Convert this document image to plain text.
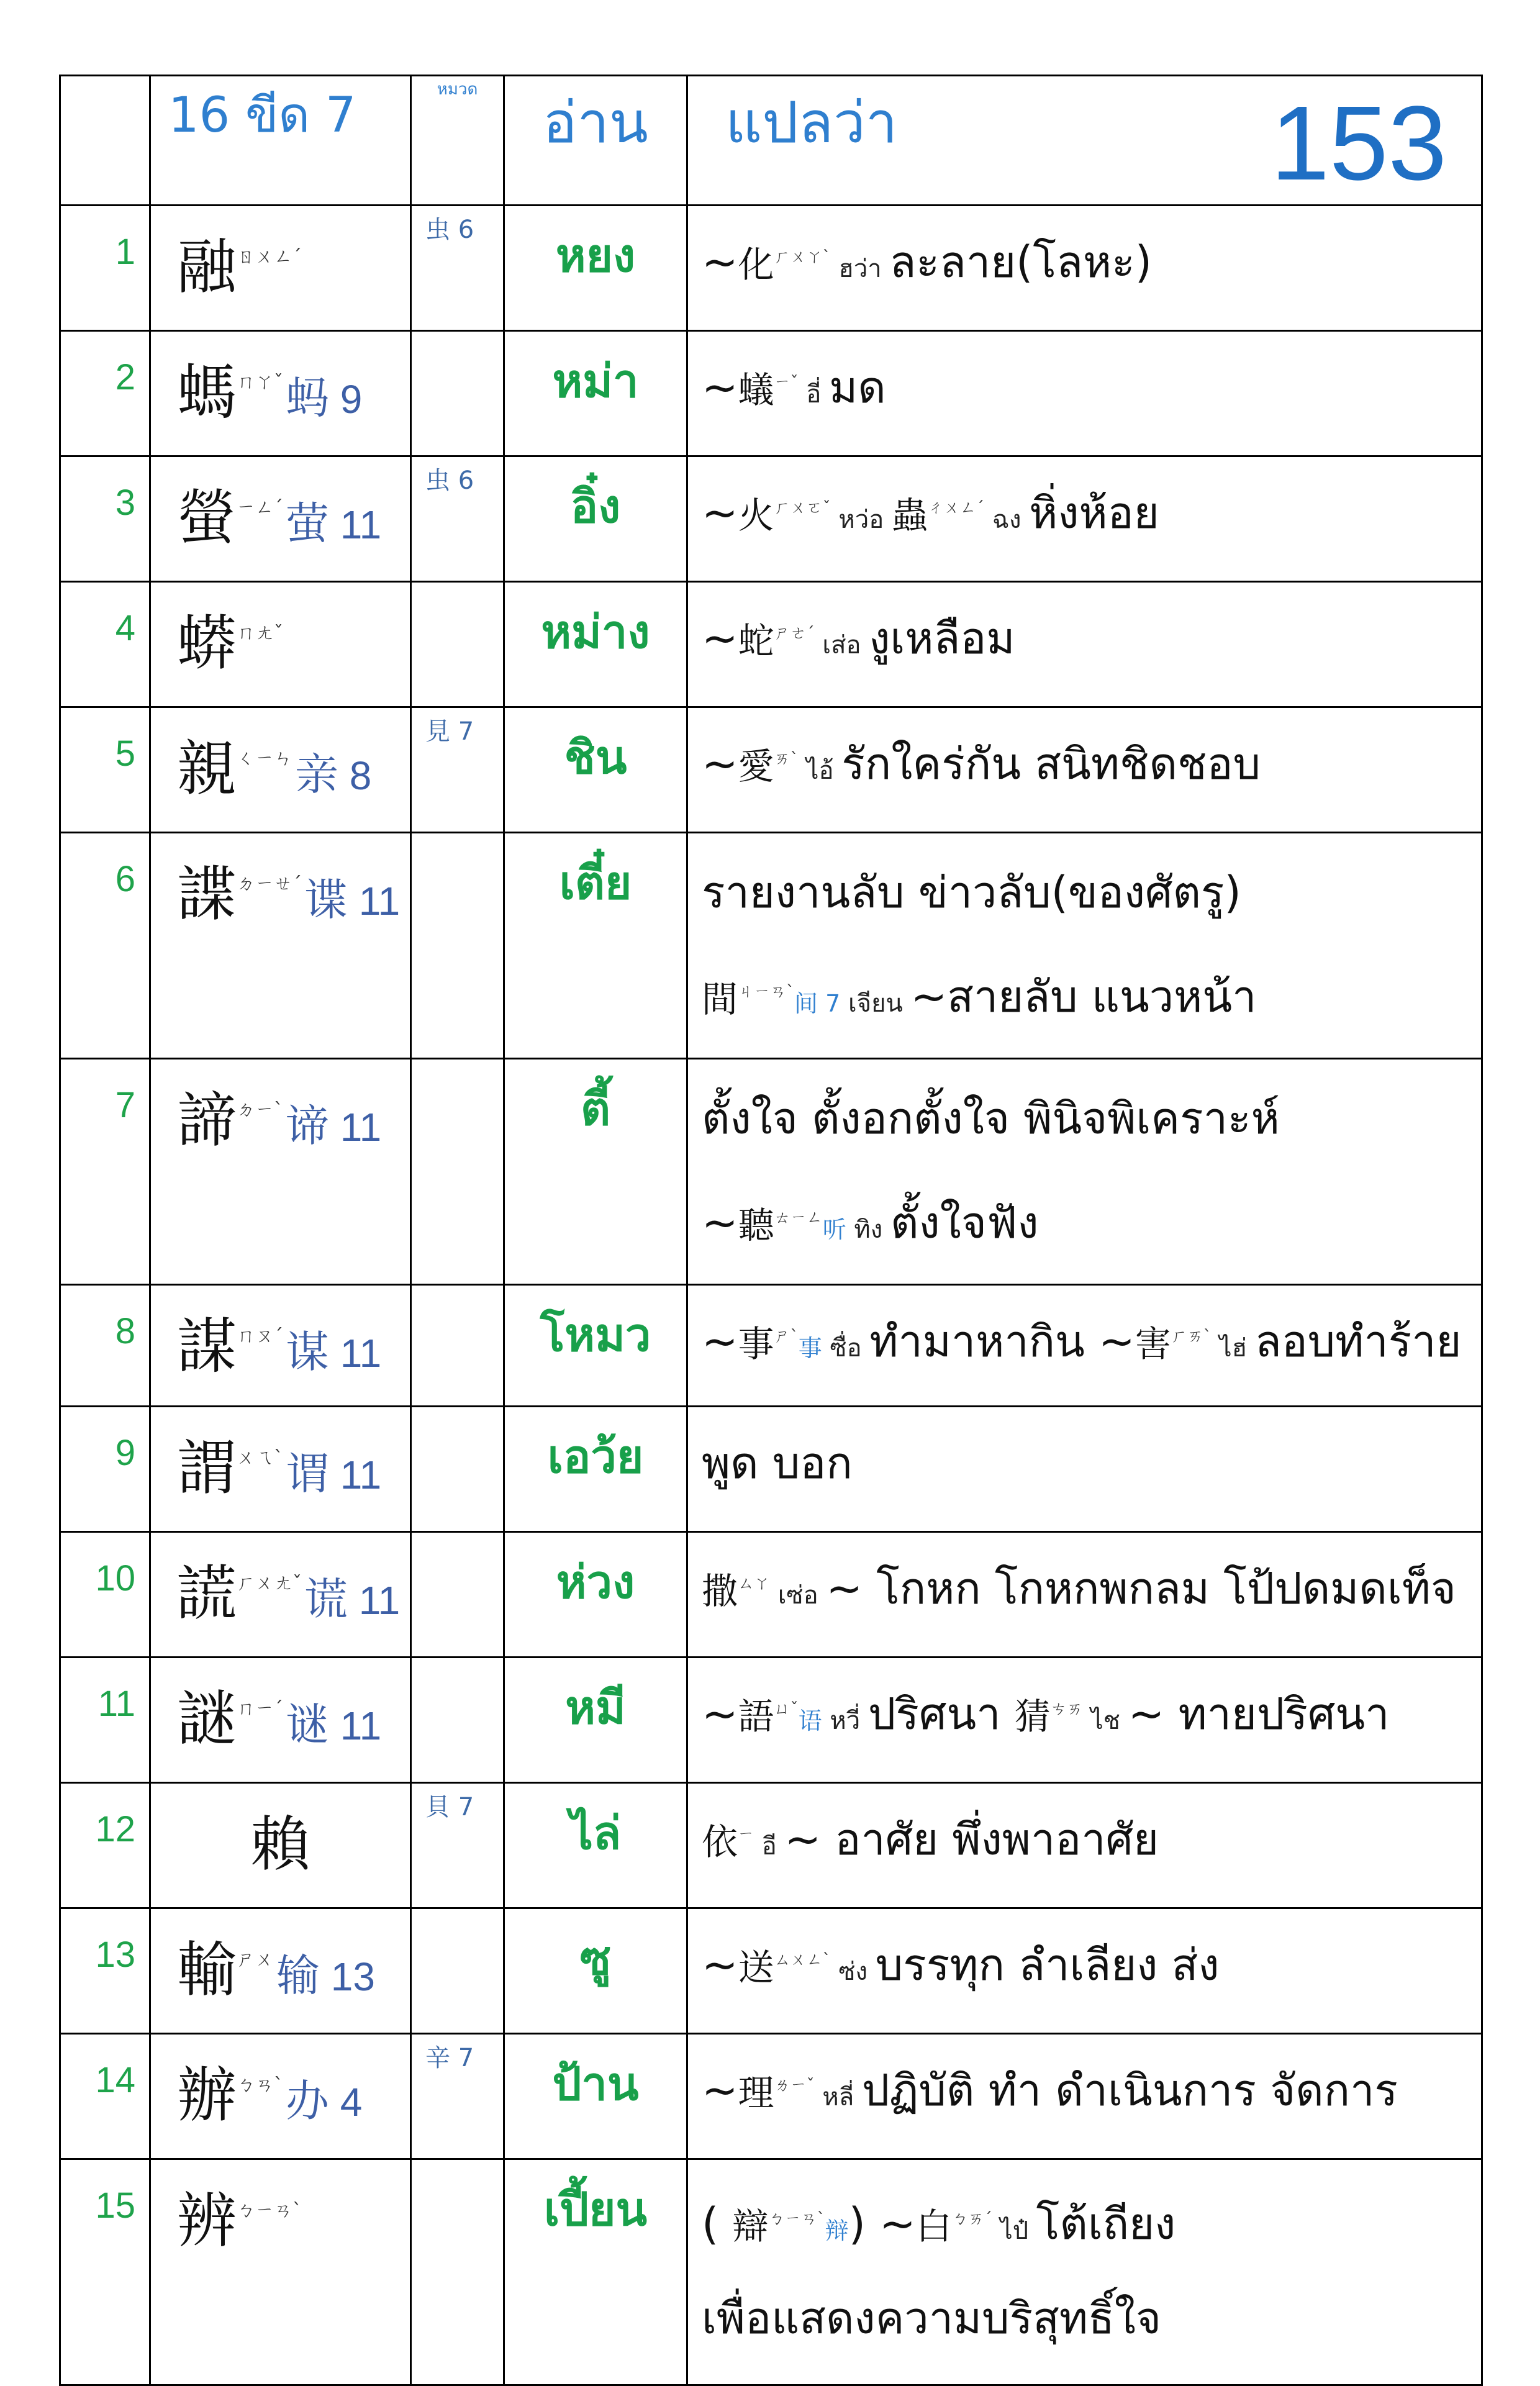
	16 ขีด 7	หมวด	อ่าน	แปลว่า 153

1	融ㄖㄨㄥˊ	虫 6	หยง	~化$^{ㄏㄨㄚˋ}$ ฮว่า ละลาย(โลหะ)

2	螞ㄇㄚˇ蚂 9		หม่า	~蟻$^{ㄧˇ}$ อี่ มด

3	螢ㄧㄥˊ萤 11	虫 6	อิ๋ง	~火$^{ㄏㄨㄛˇ}$ หว่อ 蟲$^{ㄔㄨㄥˊ}$ ฉง หิ่งห้อย

4	蟒ㄇㄤˇ		หม่าง	~蛇$^{ㄕㄜˊ}$ เส่อ งูเหลือม

5	親ㄑㄧㄣ亲 8	見 7	ชิน	~愛$^{ㄞˋ}$ ไอ้ รักใคร่กัน สนิทชิดชอบ

6	諜ㄉㄧㄝˊ谍 11		เตี๋ย	รายงานลับ ข่าวลับ(ของศัตรู)
間$^{ㄐㄧㄢˋ}$间 7 เจียน ~สายลับ แนวหน้า

7	諦ㄉㄧˋ谛 11		ตี้	ตั้งใจ ตั้งอกตั้งใจ พินิจพิเคราะห์
~聽$^{ㄊㄧㄥ}$听 ทิง ตั้งใจฟัง

8	謀ㄇㄡˊ谋 11		โหมว	~事$^{ㄕˋ}$事 ซื่อ ทำมาหากิน ~害$^{ㄏㄞˋ}$ ไฮ่ ลอบทำร้าย

9	謂ㄨㄟˋ谓 11		เอว้ย	พูด บอก

10	謊ㄏㄨㄤˇ谎 11		ห่วง	撒$^{ㄙㄚ}$ เซ่อ ~ โกหก โกหกพกลม โป้ปดมดเท็จ

11	謎ㄇㄧˊ谜 11		หมี	~語$^{ㄩˇ}$语 หวี่ ปริศนา 猜$^{ㄘㄞ}$ ไช ~ ทายปริศนา

12	賴	貝 7	ไล่	依$^ㄧ$ อี ~ อาศัย พึ่งพาอาศัย

13	輸ㄕㄨ输 13		ซู	~送$^{ㄙㄨㄥˋ}$ ซ่ง บรรทุก ลำเลียง ส่ง

14	辦ㄅㄢˋ办 4	辛 7	ป้าน	~理$^{ㄌㄧˇ}$ หลี่ ปฏิบัติ ทำ ดำเนินการ จัดการ

15	辨ㄅㄧㄢˋ		เปี้ยน	( 辯$^{ㄅㄧㄢˋ}$辩) ~白$^{ㄅㄞˊ}$ ไป๋ โต้เถียง
เพื่อแสดงความบริสุทธิ์ใจ
